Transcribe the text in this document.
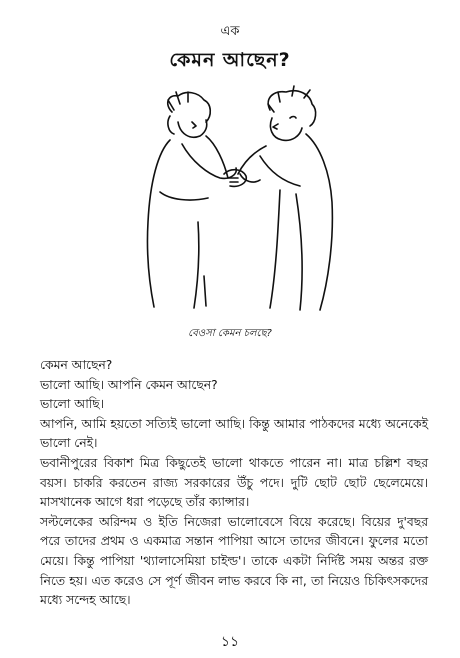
এক
কেমন আছেন?
বেওসা কেমন চলছে?

কেমন আছেন?

ভালো আছি। আপনি কেমন আছেন?

ভালো আছি।

আপনি, আমি হয়তো সত্যিই ভালো আছি। কিন্তু আমার পাঠকদের মধ্যে অনেকেই ভালো নেই।

ভবানীপুরের বিকাশ মিত্র কিছুতেই ভালো থাকতে পারেন না। মাত্র চল্লিশ বছর বয়স। চাকরি করতেন রাজ্য সরকারের উঁচু পদে। দুটি ছোট ছোট ছেলেমেয়ে। মাসখানেক আগে ধরা পড়েছে তাঁর ক্যান্সার।

সল্টলেকের অরিন্দম ও ইতি নিজেরা ভালোবেসে বিয়ে করেছে। বিয়ের দু'বছর পরে তাদের প্রথম ও একমাত্র সন্তান পাপিয়া আসে তাদের জীবনে। ফুলের মতো মেয়ে। কিন্তু পাপিয়া 'থ্যালাসেমিয়া চাইল্ড'। তাকে একটা নির্দিষ্ট সময় অন্তর রক্ত নিতে হয়। এত করেও সে পূর্ণ জীবন লাভ করবে কি না, তা নিয়েও চিকিৎসকদের মধ্যে সন্দেহ আছে।

১১
